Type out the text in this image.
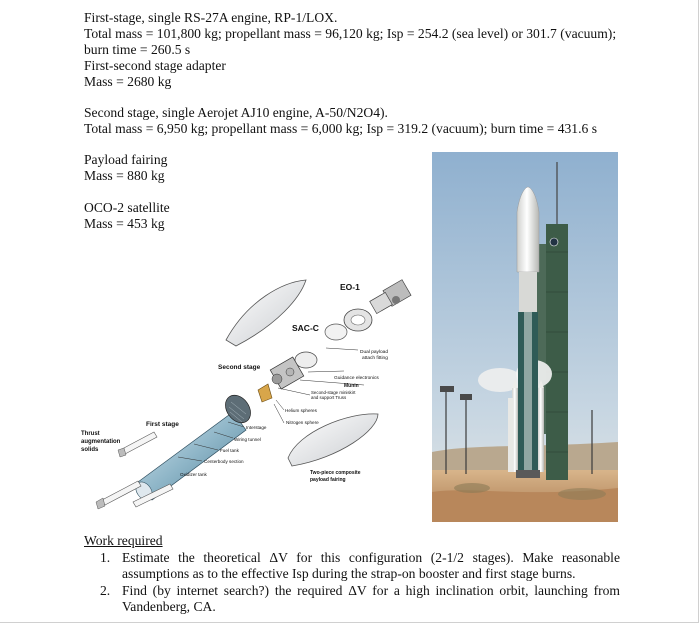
First-stage, single RS-27A engine, RP-1/LOX.
Total mass = 101,800 kg; propellant mass = 96,120 kg; Isp = 254.2 (sea level) or 301.7 (vacuum);
burn time = 260.5 s
First-second stage adapter
Mass = 2680 kg
Second stage, single Aerojet AJ10 engine, A-50/N2O4).
Total mass = 6,950 kg; propellant mass = 6,000 kg; Isp = 319.2 (vacuum); burn time = 431.6 s
Payload fairing
Mass = 880 kg
OCO-2 satellite
Mass = 453 kg
EO-1
SAC-C
Dual payload
attach fitting
Second stage
Guidance electronics
Munin
Second-stage miniskirt
and support Truss
Helium spheres
Nitrogen sphere
First stage	Interstage
Wiring tunnel
Fuel tank
Centerbody section
Oxidizer tank
Thrust
augmentation
solids
Two-piece composite
payload fairing
Work required
1. Estimate the theoretical ΔV for this configuration (2-1/2 stages). Make reasonable assumptions as to the effective Isp during the strap-on booster and first stage burns.
2. Find (by internet search?) the required ΔV for a high inclination orbit, launching from Vandenberg, CA.
